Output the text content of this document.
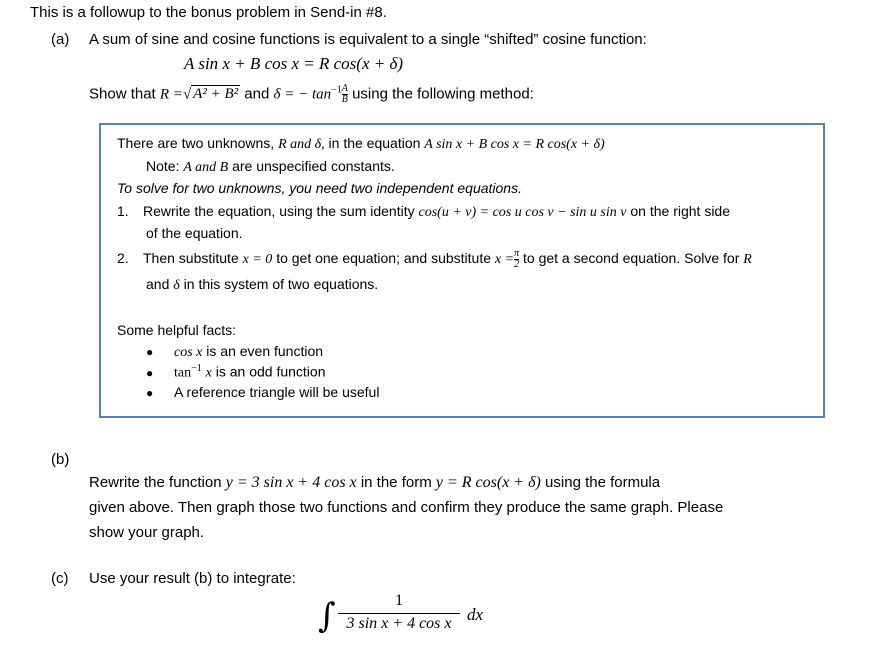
This is a followup to the bonus problem in Send-in #8.
(a) A sum of sine and cosine functions is equivalent to a single “shifted” cosine function:
A sin x + B cos x = R cos(x + δ)
Show that R =√ A² + B² and δ = − $\tan^{-1} \frac{A}{B}$ using the following method:
There are two unknowns, R and δ, in the equation A sin x + B cos x = R cos(x + δ)
Note: A and B are unspecified constants.
To solve for two unknowns, you need two independent equations.
1. Rewrite the equation, using the sum identity cos(u + v) = cos u cos v − sin u sin v on the right side
of the equation.
2. Then substitute x = 0 to get one equation; and substitute $x = \frac{\pi}{2}$ to get a second equation. Solve for R
and δ in this system of two equations.
Some helpful facts:
● cos x is an even function
● $\tan^{-1} x$ is an odd function
● A reference triangle will be useful
(b)
Rewrite the function y = 3 sin x + 4 cos x in the form y = R cos(x + δ) using the formula
given above. Then graph those two functions and confirm they produce the same graph. Please
show your graph.
(c) Use your result (b) to integrate:
∫	1
3 sin x + 4 cos x dx
